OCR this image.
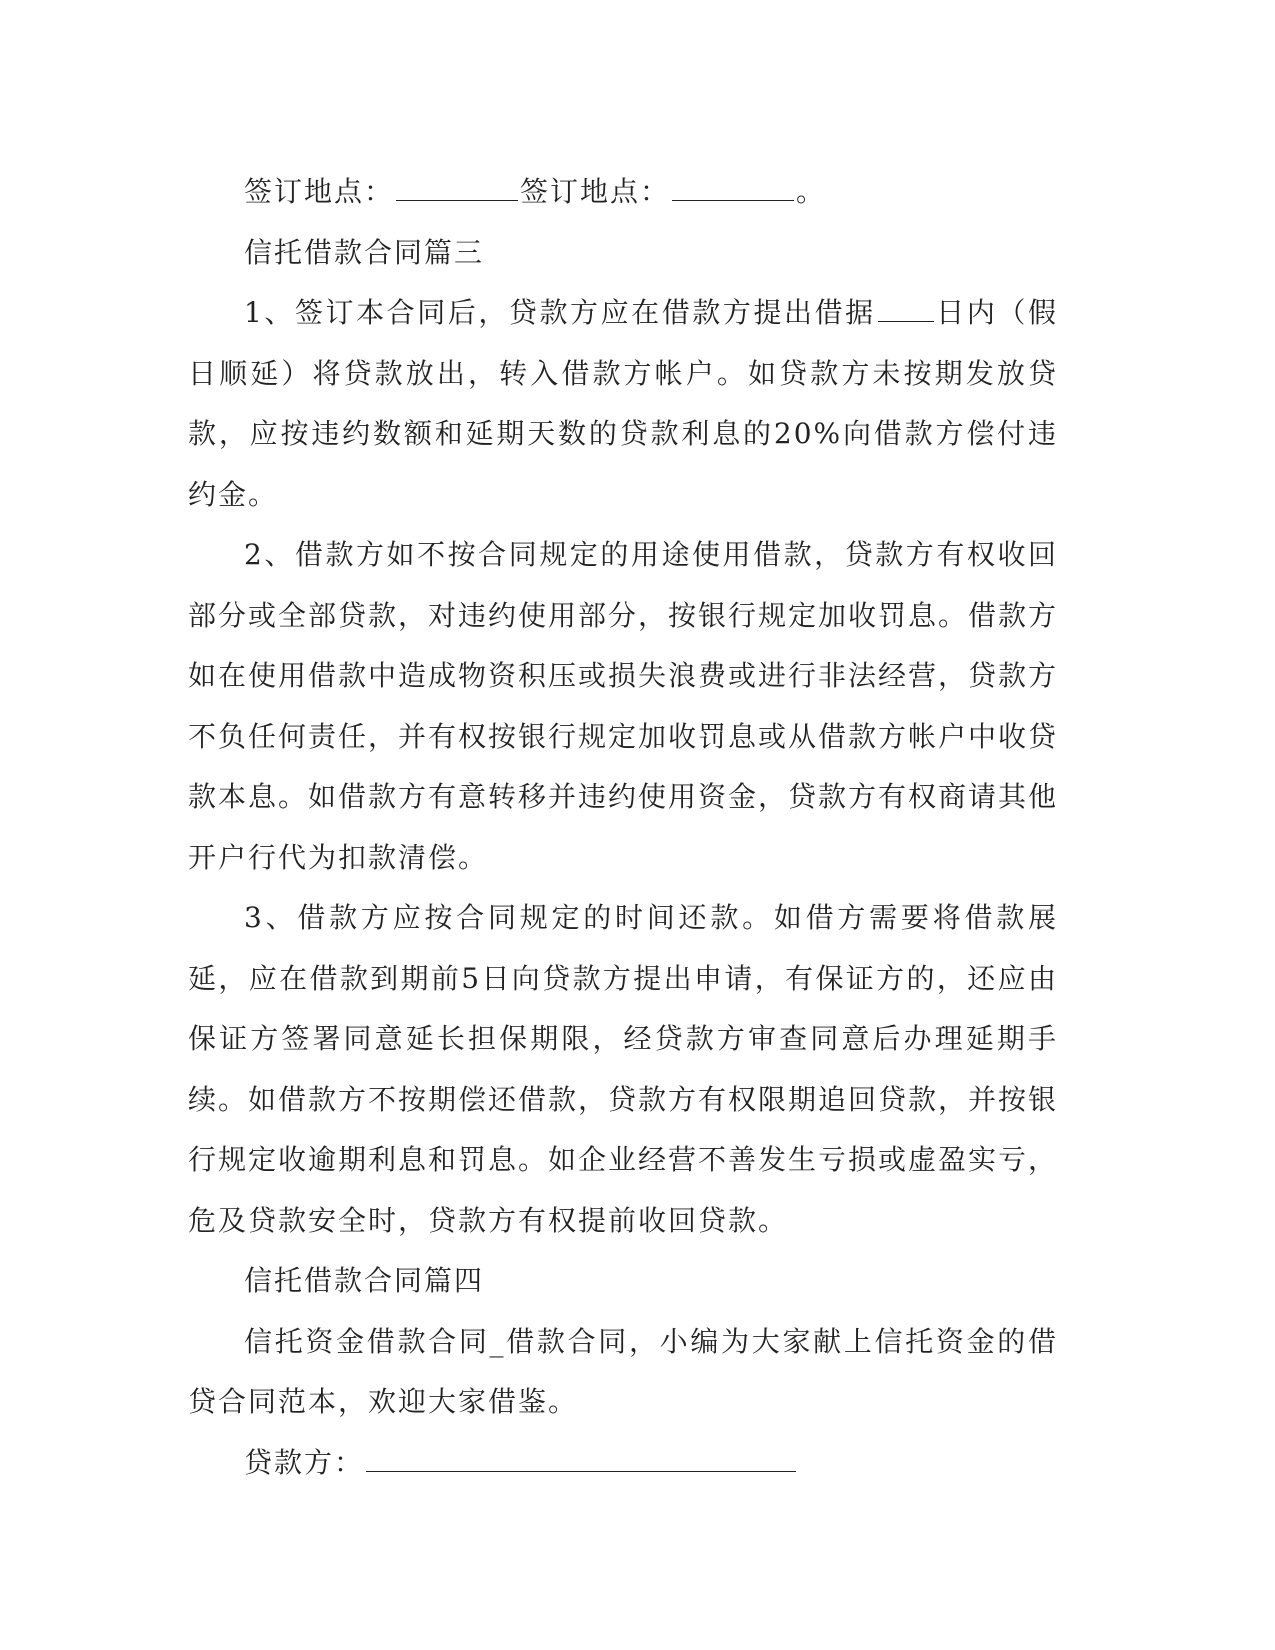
签订地点：	签订地点：	。

信托借款合同篇三

1、签订本合同后，贷款方应在借款方提出借据 日内（假日顺延）将贷款放出，转入借款方帐户。如贷款方未按期发放贷款，应按违约数额和延期天数的贷款利息的20%向借款方偿付违约金。

2、借款方如不按合同规定的用途使用借款，贷款方有权收回部分或全部贷款，对违约使用部分，按银行规定加收罚息。借款方如在使用借款中造成物资积压或损失浪费或进行非法经营，贷款方不负任何责任，并有权按银行规定加收罚息或从借款方帐户中收贷款本息。如借款方有意转移并违约使用资金，贷款方有权商请其他开户行代为扣款清偿。

3、借款方应按合同规定的时间还款。如借方需要将借款展延，应在借款到期前5日向贷款方提出申请，有保证方的，还应由保证方签署同意延长担保期限，经贷款方审查同意后办理延期手续。如借款方不按期偿还借款，贷款方有权限期追回贷款，并按银行规定收逾期利息和罚息。如企业经营不善发生亏损或虚盈实亏，危及贷款安全时，贷款方有权提前收回贷款。

信托借款合同篇四

信托资金借款合同_借款合同，小编为大家献上信托资金的借贷合同范本，欢迎大家借鉴。

贷款方：
